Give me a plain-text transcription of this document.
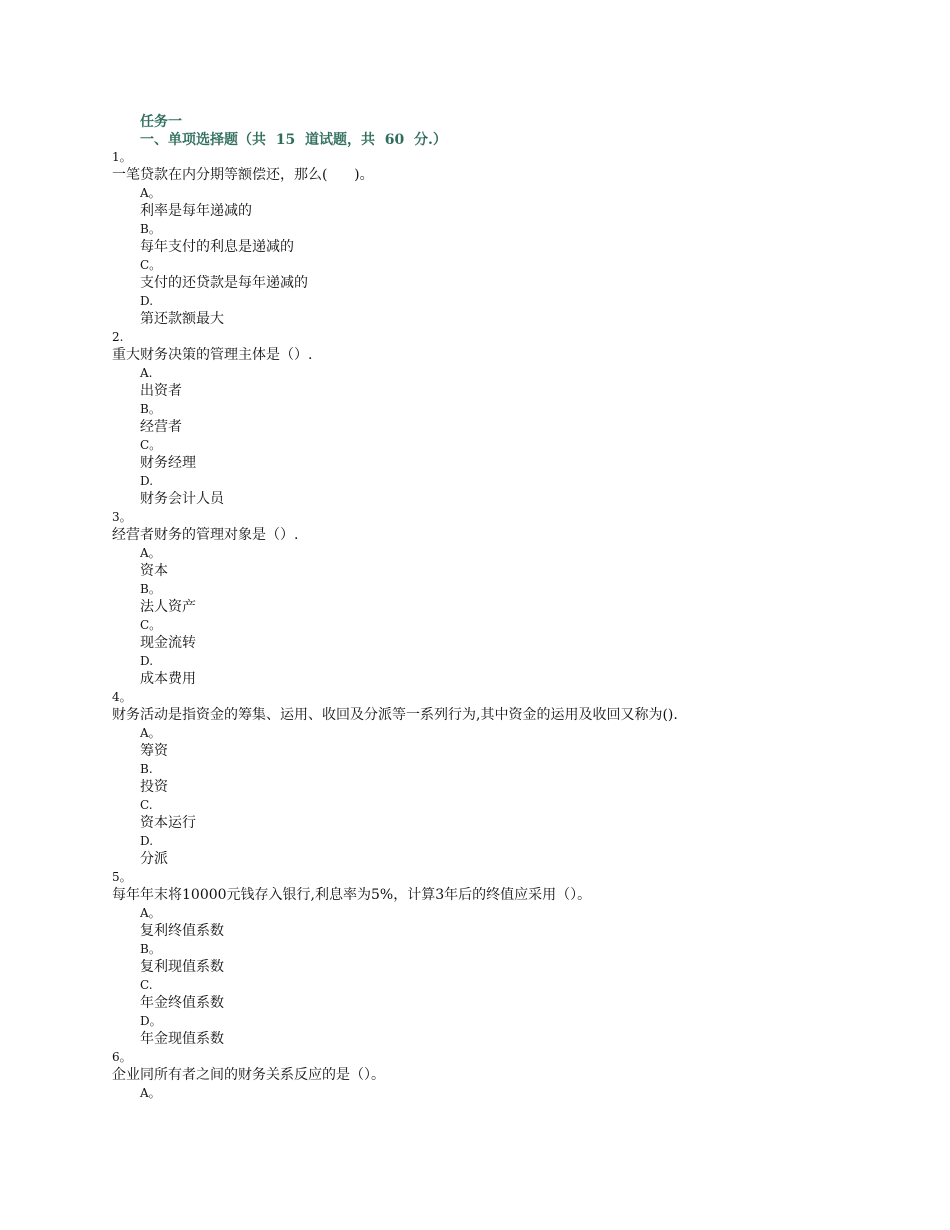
任务一
一、单项选择题（共  15  道试题，共  60  分.）
1。
一笔贷款在内分期等额偿还，那么(      )。
A。
利率是每年递减的
B。
每年支付的利息是递减的
C。
支付的还贷款是每年递减的
D.
第还款额最大
2.
重大财务决策的管理主体是（）.
A.
出资者
B。
经营者
C。
财务经理
D.
财务会计人员
3。
经营者财务的管理对象是（）.
A。
资本
B。
法人资产
C。
现金流转
D.
成本费用
4。
财务活动是指资金的筹集、运用、收回及分派等一系列行为,其中资金的运用及收回又称为().
A。
筹资
B.
投资
C.
资本运行
D.
分派
5。
每年年末将10000元钱存入银行,利息率为5%，计算3年后的终值应采用（）。
A。
复利终值系数
B。
复利现值系数
C.
年金终值系数
D。
年金现值系数
6。
企业同所有者之间的财务关系反应的是（）。
A。
